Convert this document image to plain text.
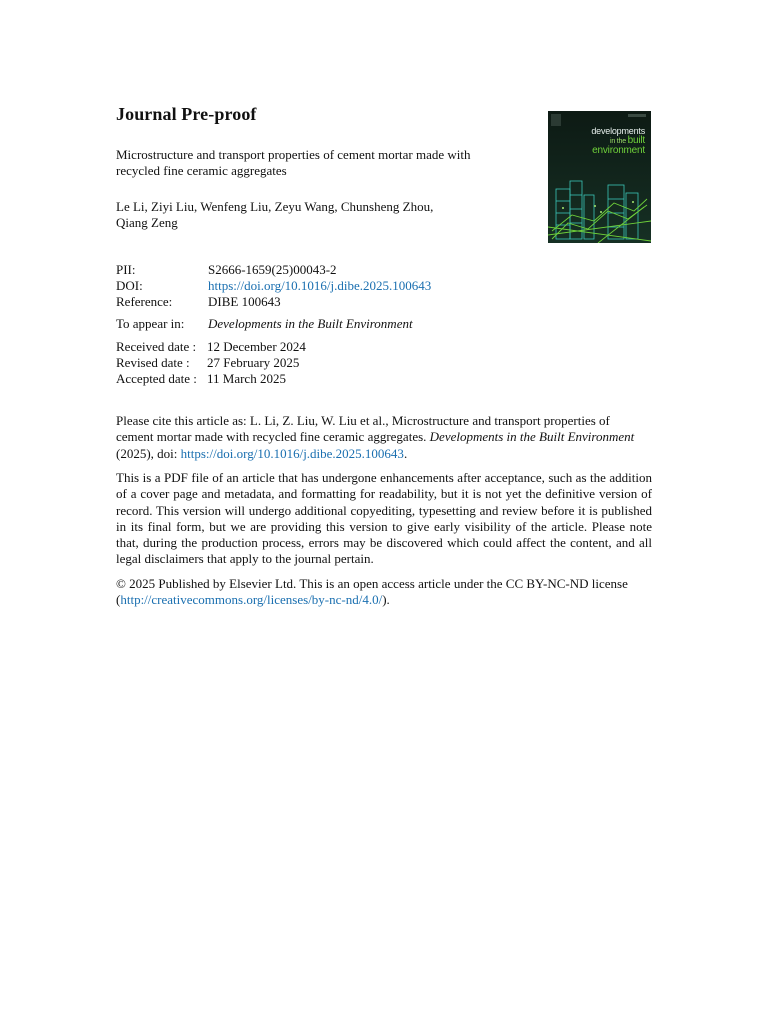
Journal Pre-proof
Microstructure and transport properties of cement mortar made with
recycled fine ceramic aggregates
Le Li, Ziyi Liu, Wenfeng Liu, Zeyu Wang, Chunsheng Zhou,
Qiang Zeng
developments
in the built
environment
PII:	S2666-1659(25)00043-2
DOI:	https://doi.org/10.1016/j.dibe.2025.100643
Reference:	DIBE 100643
To appear in: Developments in the Built Environment
Received date : 12 December 2024
Revised date : 27 February 2025
Accepted date : 11 March 2025
Please cite this article as: L. Li, Z. Liu, W. Liu et al., Microstructure and transport properties of
cement mortar made with recycled fine ceramic aggregates. Developments in the Built Environment
(2025), doi: https://doi.org/10.1016/j.dibe.2025.100643.
This is a PDF file of an article that has undergone enhancements after acceptance, such as the addition of a cover page and metadata, and formatting for readability, but it is not yet the definitive version of record. This version will undergo additional copyediting, typesetting and review before it is published in its final form, but we are providing this version to give early visibility of the article. Please note that, during the production process, errors may be discovered which could affect the content, and all legal disclaimers that apply to the journal pertain.
© 2025 Published by Elsevier Ltd. This is an open access article under the CC BY-NC-ND license
(http://creativecommons.org/licenses/by-nc-nd/4.0/).
